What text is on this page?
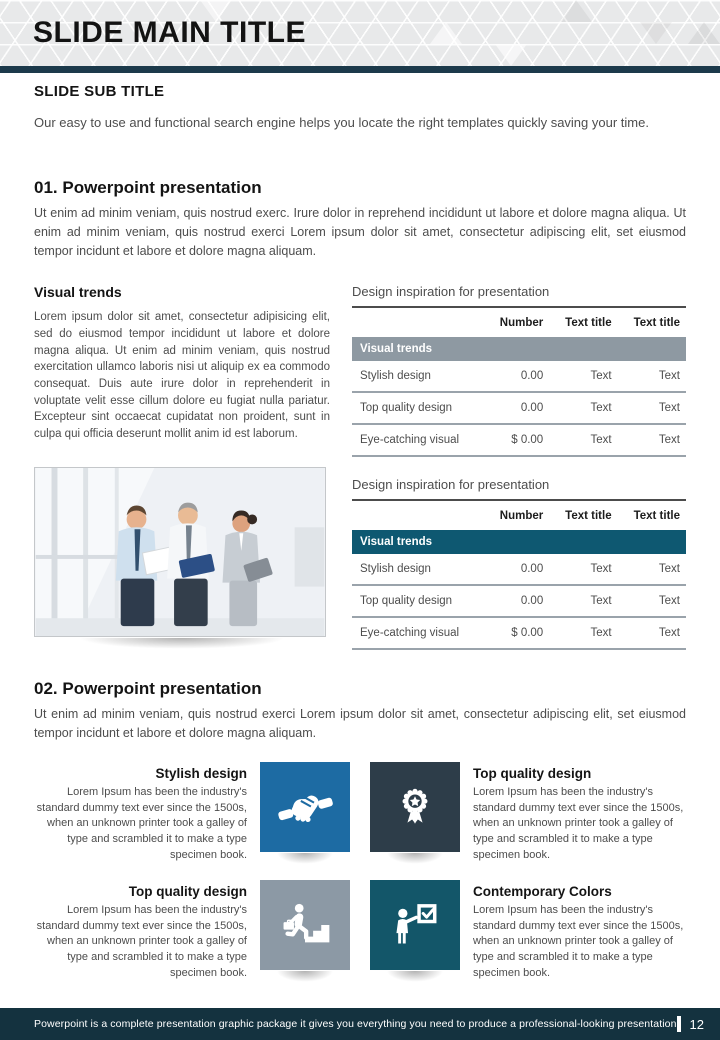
SLIDE MAIN TITLE
SLIDE SUB TITLE

Our easy to use and functional search engine helps you locate the right templates quickly saving your time.

01. Powerpoint presentation

Ut enim ad minim veniam, quis nostrud exerc. Irure dolor in reprehend incididunt ut labore et dolore magna aliqua. Ut enim ad minim veniam, quis nostrud exerci Lorem ipsum dolor sit amet, consectetur adipiscing elit, set eiusmod tempor incidunt et labore et dolore magna aliquam.

Visual trends

Lorem ipsum dolor sit amet, consectetur adipisicing elit, sed do eiusmod tempor incididunt ut labore et dolore magna aliqua. Ut enim ad minim veniam, quis nostrud exercitation ullamco laboris nisi ut aliquip ex ea commodo consequat. Duis aute irure dolor in reprehenderit in voluptate velit esse cillum dolore eu fugiat nulla pariatur. Excepteur sint occaecat cupidatat non proident, sunt in culpa qui officia deserunt mollit anim id est laborum.

Design inspiration for presentation
	Number	Text title	Text title
Visual trends			
Stylish design	0.00	Text	Text
Top quality design	0.00	Text	Text
Eye-catching visual	$ 0.00	Text	Text
Design inspiration for presentation
	Number	Text title	Text title
Visual trends			
Stylish design	0.00	Text	Text
Top quality design	0.00	Text	Text
Eye-catching visual	$ 0.00	Text	Text
02. Powerpoint presentation

Ut enim ad minim veniam, quis nostrud exerci Lorem ipsum dolor sit amet, consectetur adipiscing elit, set eiusmod tempor incidunt et labore et dolore magna aliquam.

Stylish design
Lorem Ipsum has been the industry's standard dummy text ever since the 1500s, when an unknown printer took a galley of type and scrambled it to make a type specimen book.
Top quality design
Lorem Ipsum has been the industry's standard dummy text ever since the 1500s, when an unknown printer took a galley of type and scrambled it to make a type specimen book.
Top quality design
Lorem Ipsum has been the industry's standard dummy text ever since the 1500s, when an unknown printer took a galley of type and scrambled it to make a type specimen book.
Contemporary Colors
Lorem Ipsum has been the industry's standard dummy text ever since the 1500s, when an unknown printer took a galley of type and scrambled it to make a type specimen book.
Powerpoint is a complete presentation graphic package it gives you everything you need to produce a professional-looking presentation 12
